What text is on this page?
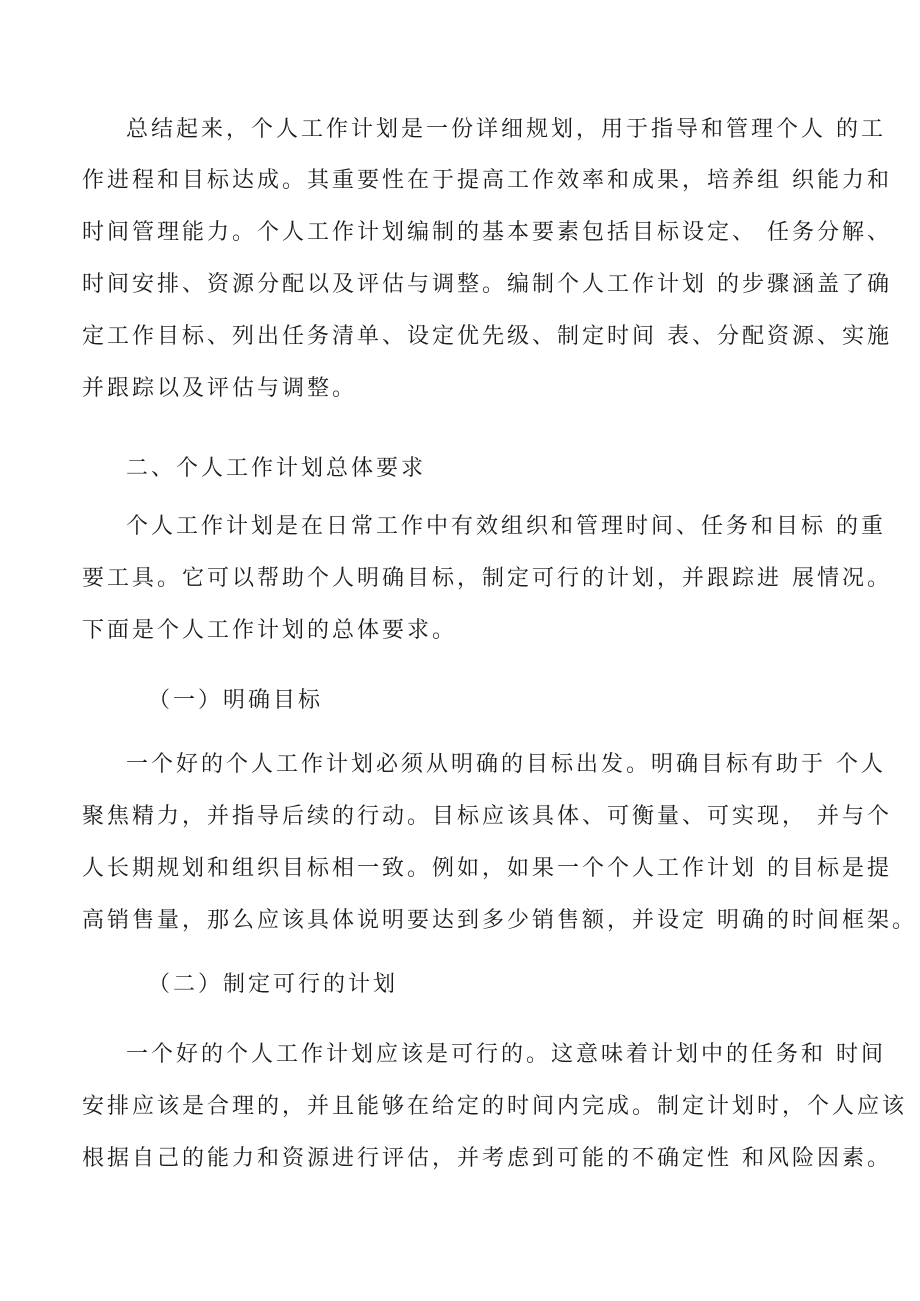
总结起来，个人工作计划是一份详细规划，用于指导和管理个人 的工
作进程和目标达成。其重要性在于提高工作效率和成果，培养组 织能力和
时间管理能力。个人工作计划编制的基本要素包括目标设定、 任务分解、
时间安排、资源分配以及评估与调整。编制个人工作计划 的步骤涵盖了确
定工作目标、列出任务清单、设定优先级、制定时间 表、分配资源、实施
并跟踪以及评估与调整。
二、个人工作计划总体要求
个人工作计划是在日常工作中有效组织和管理时间、任务和目标 的重
要工具。它可以帮助个人明确目标，制定可行的计划，并跟踪进 展情况。
下面是个人工作计划的总体要求。
（一）明确目标
一个好的个人工作计划必须从明确的目标出发。明确目标有助于 个人
聚焦精力，并指导后续的行动。目标应该具体、可衡量、可实现， 并与个
人长期规划和组织目标相一致。例如，如果一个个人工作计划 的目标是提
高销售量，那么应该具体说明要达到多少销售额，并设定 明确的时间框架。
（二）制定可行的计划
一个好的个人工作计划应该是可行的。这意味着计划中的任务和 时间
安排应该是合理的，并且能够在给定的时间内完成。制定计划时，个人应该
根据自己的能力和资源进行评估，并考虑到可能的不确定性 和风险因素。
